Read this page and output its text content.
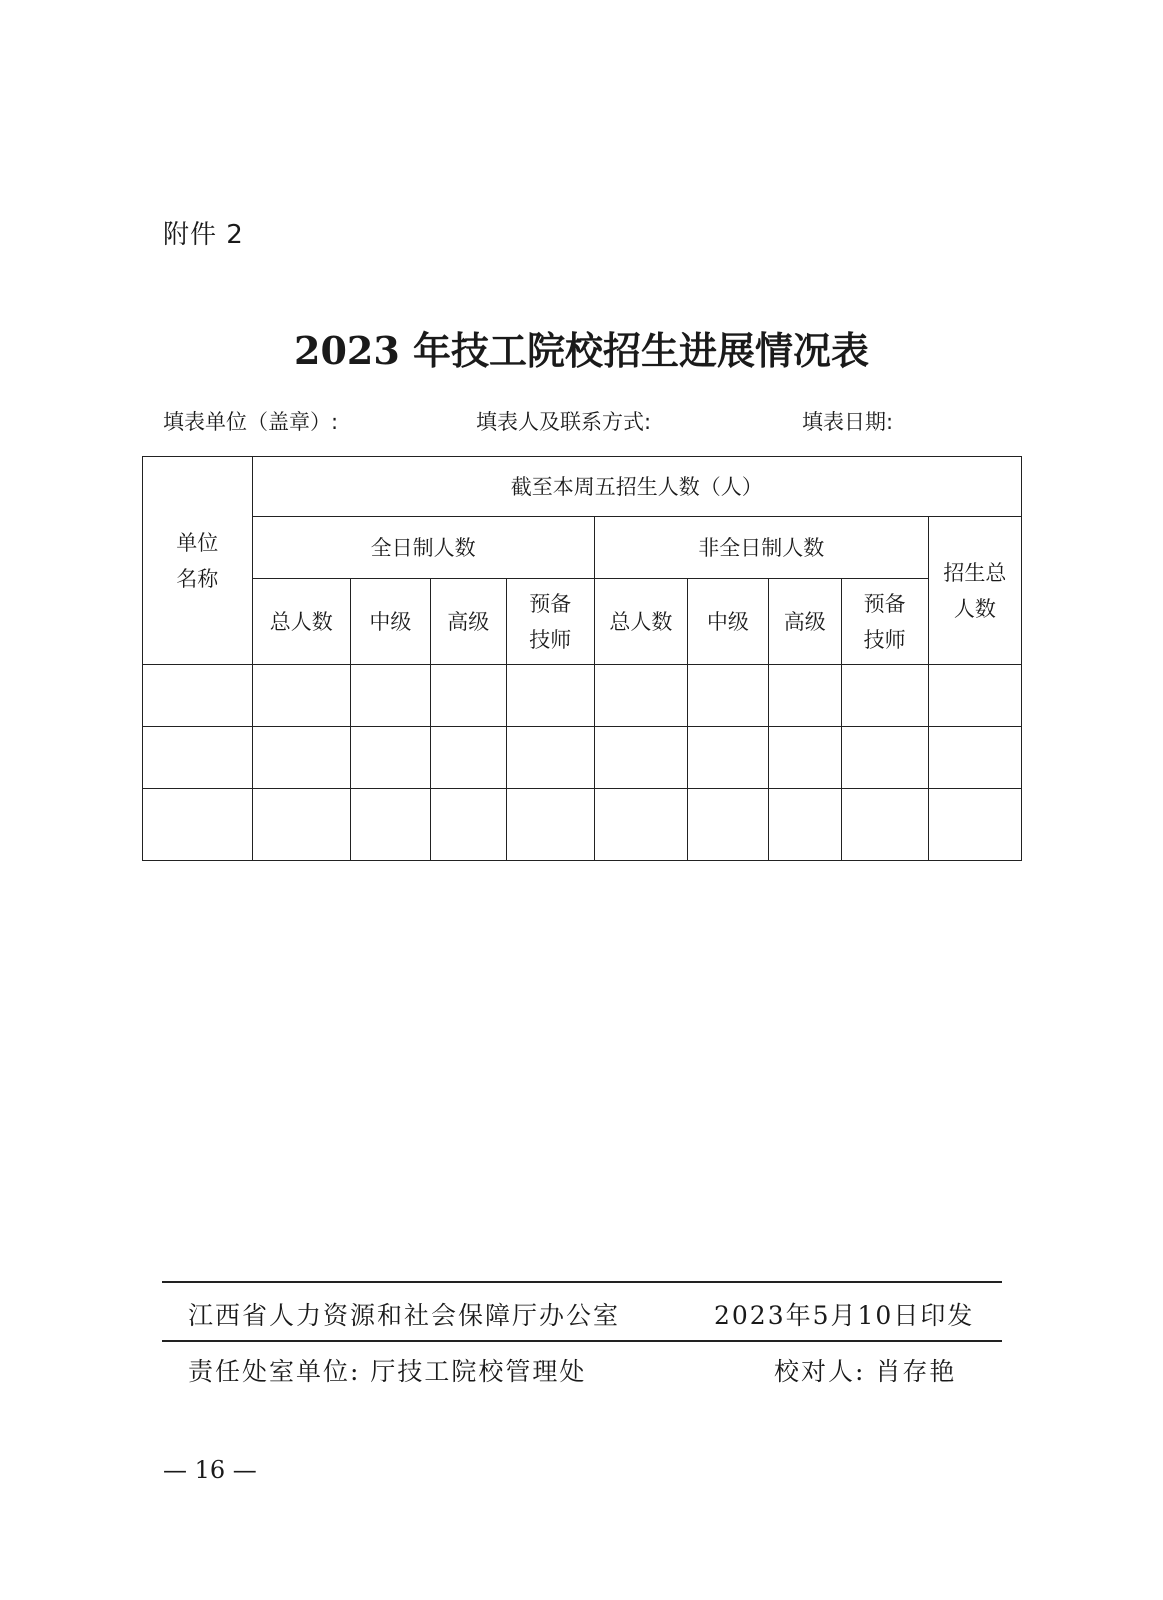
附件 2
2023 年技工院校招生进展情况表
填表单位（盖章）:	填表人及联系方式:	填表日期:
单位名称	截至本周五招生人数（人）								
	全日制人数				非全日制人数				招生总人数
	总人数	中级	高级	预备技师	总人数	中级	高级	预备技师	

江西省人力资源和社会保障厅办公室	2023年5月10日印发
责任处室单位: 厅技工院校管理处	校对人: 肖存艳
— 16 —
